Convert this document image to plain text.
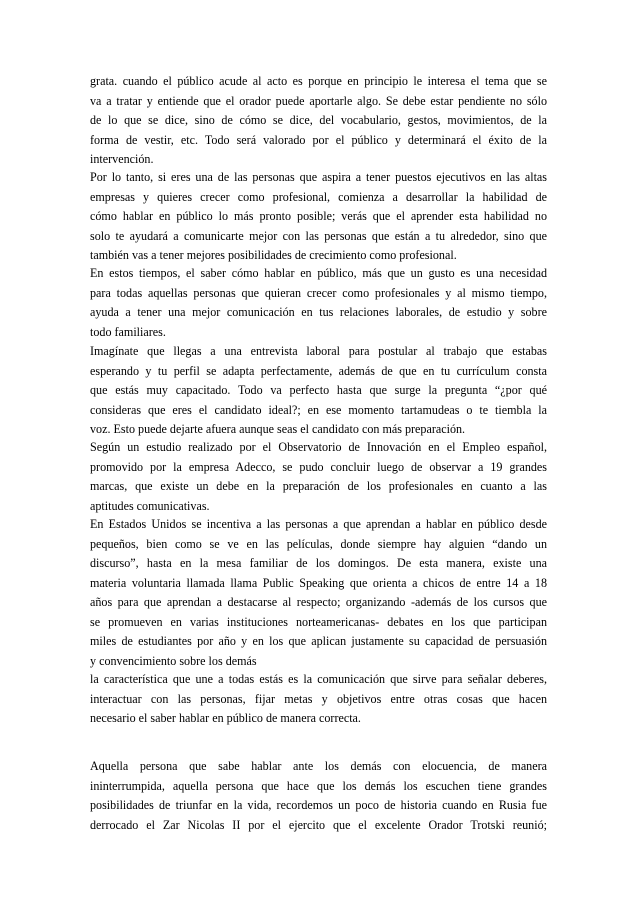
grata. cuando el público acude al acto es porque en principio le interesa el tema que se
va a tratar y entiende que el orador puede aportarle algo. Se debe estar pendiente no sólo
de lo que se dice, sino de cómo se dice, del vocabulario, gestos, movimientos, de la
forma de vestir, etc. Todo será valorado por el público y determinará el éxito de la
intervención.

Por lo tanto, si eres una de las personas que aspira a tener puestos ejecutivos en las altas
empresas y quieres crecer como profesional, comienza a desarrollar la habilidad de
cómo hablar en público lo más pronto posible; verás que el aprender esta habilidad no
solo te ayudará a comunicarte mejor con las personas que están a tu alrededor, sino que
también vas a tener mejores posibilidades de crecimiento como profesional.

En estos tiempos, el saber cómo hablar en público, más que un gusto es una necesidad
para todas aquellas personas que quieran crecer como profesionales y al mismo tiempo,
ayuda a tener una mejor comunicación en tus relaciones laborales, de estudio y sobre
todo familiares.

Imagínate que llegas a una entrevista laboral para postular al trabajo que estabas
esperando y tu perfil se adapta perfectamente, además de que en tu currículum consta
que estás muy capacitado. Todo va perfecto hasta que surge la pregunta “¿por qué
consideras que eres el candidato ideal?; en ese momento tartamudeas o te tiembla la
voz. Esto puede dejarte afuera aunque seas el candidato con más preparación.

Según un estudio realizado por el Observatorio de Innovación en el Empleo español,
promovido por la empresa Adecco, se pudo concluir luego de observar a 19 grandes
marcas, que existe un debe en la preparación de los profesionales en cuanto a las
aptitudes comunicativas.

En Estados Unidos se incentiva a las personas a que aprendan a hablar en público desde
pequeños, bien como se ve en las películas, donde siempre hay alguien “dando un
discurso”, hasta en la mesa familiar de los domingos. De esta manera, existe una
materia voluntaria llamada llama Public Speaking que orienta a chicos de entre 14 a 18
años para que aprendan a destacarse al respecto; organizando -además de los cursos que
se promueven en varias instituciones norteamericanas- debates en los que participan
miles de estudiantes por año y en los que aplican justamente su capacidad de persuasión
y convencimiento sobre los demás

la característica que une a todas estás es la comunicación que sirve para señalar deberes,
interactuar con las personas, fijar metas y objetivos entre otras cosas que hacen
necesario el saber hablar en público de manera correcta.

Aquella persona que sabe hablar ante los demás con elocuencia, de manera
ininterrumpida, aquella persona que hace que los demás los escuchen tiene grandes
posibilidades de triunfar en la vida, recordemos un poco de historia cuando en Rusia fue
derrocado el Zar Nicolas II por el ejercito que el excelente Orador Trotski reunió;
